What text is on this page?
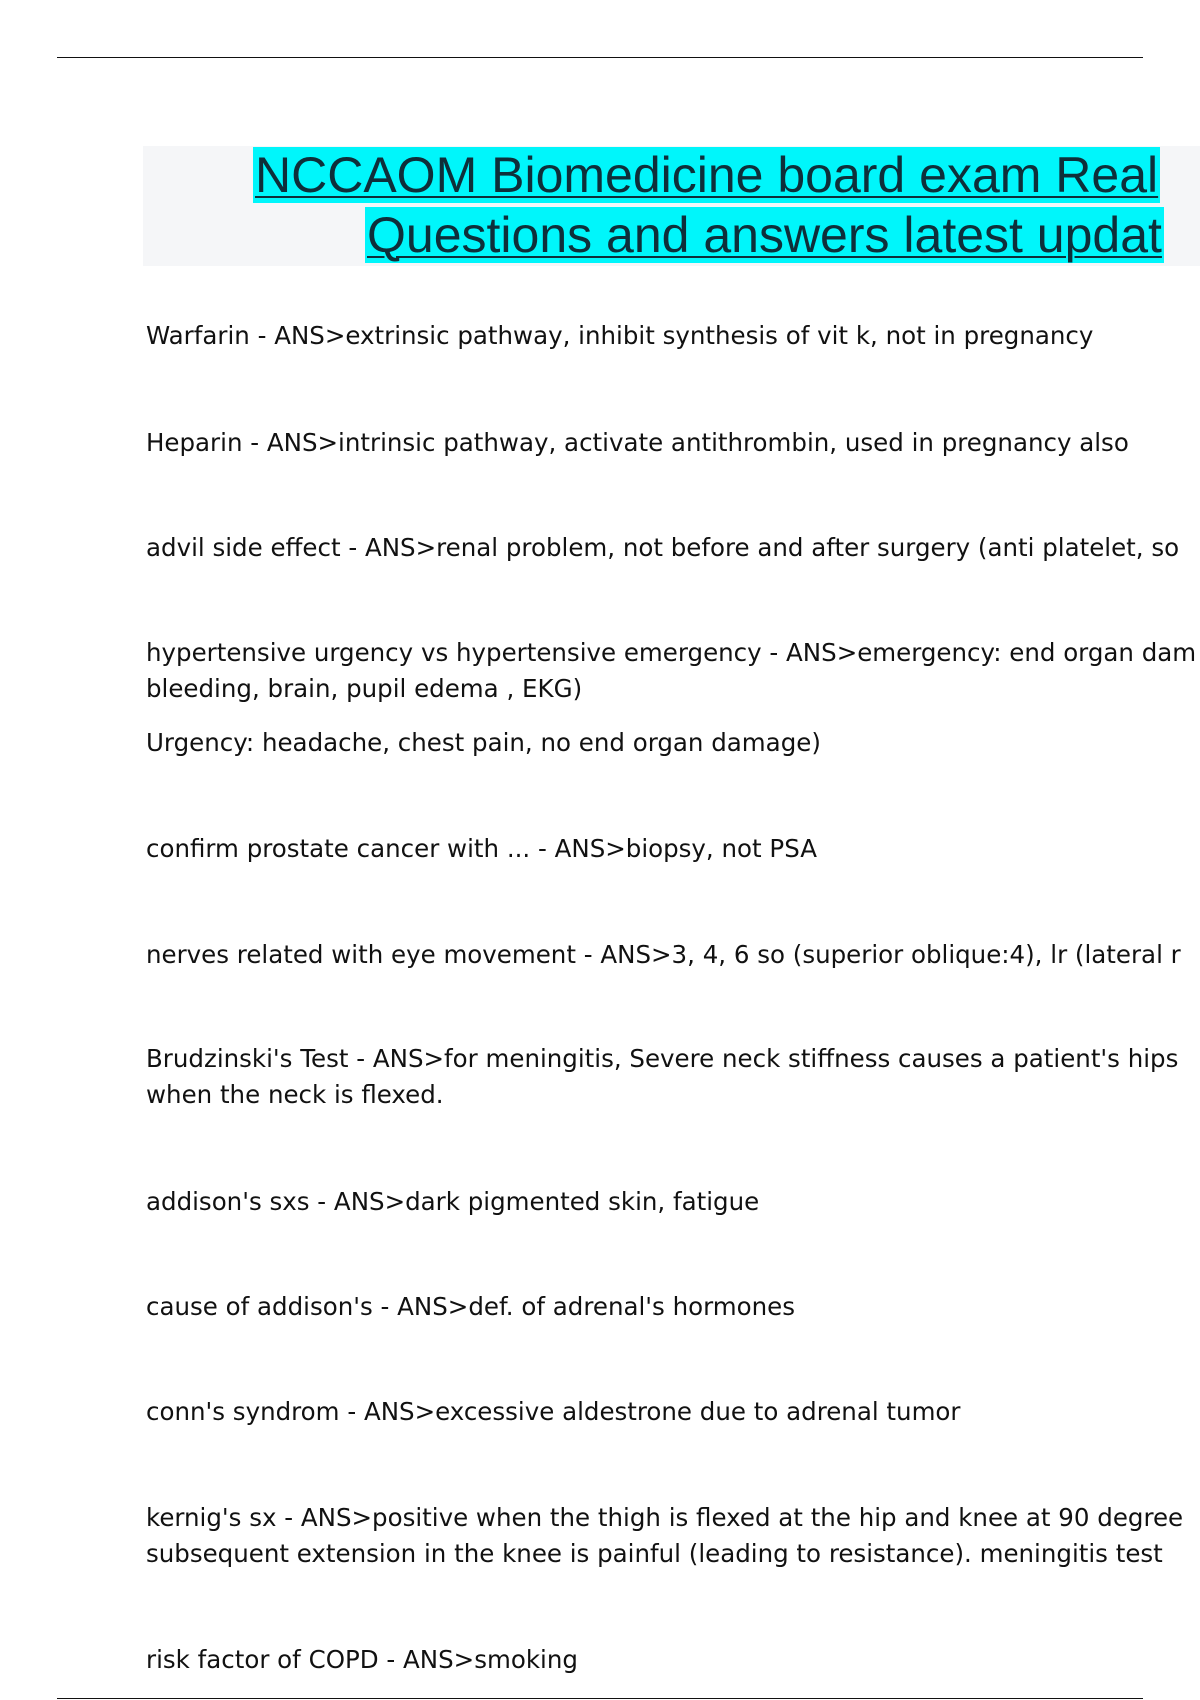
NCCAOM Biomedicine board exam Real
Questions and answers latest updat

Warfarin - ANS>extrinsic pathway, inhibit synthesis of vit k, not in pregnancy

Heparin - ANS>intrinsic pathway, activate antithrombin, used in pregnancy also

advil side effect - ANS>renal problem, not before and after surgery (anti platelet, so

hypertensive urgency vs hypertensive emergency - ANS>emergency: end organ dam

bleeding, brain, pupil edema , EKG)

Urgency: headache, chest pain, no end organ damage)

confirm prostate cancer with ... - ANS>biopsy, not PSA

nerves related with eye movement - ANS>3, 4, 6 so (superior oblique:4), lr (lateral r

Brudzinski's Test - ANS>for meningitis, Severe neck stiffness causes a patient's hips

when the neck is flexed.

addison's sxs - ANS>dark pigmented skin, fatigue

cause of addison's - ANS>def. of adrenal's hormones

conn's syndrom - ANS>excessive aldestrone due to adrenal tumor

kernig's sx - ANS>positive when the thigh is flexed at the hip and knee at 90 degree

subsequent extension in the knee is painful (leading to resistance). meningitis test

risk factor of COPD - ANS>smoking
